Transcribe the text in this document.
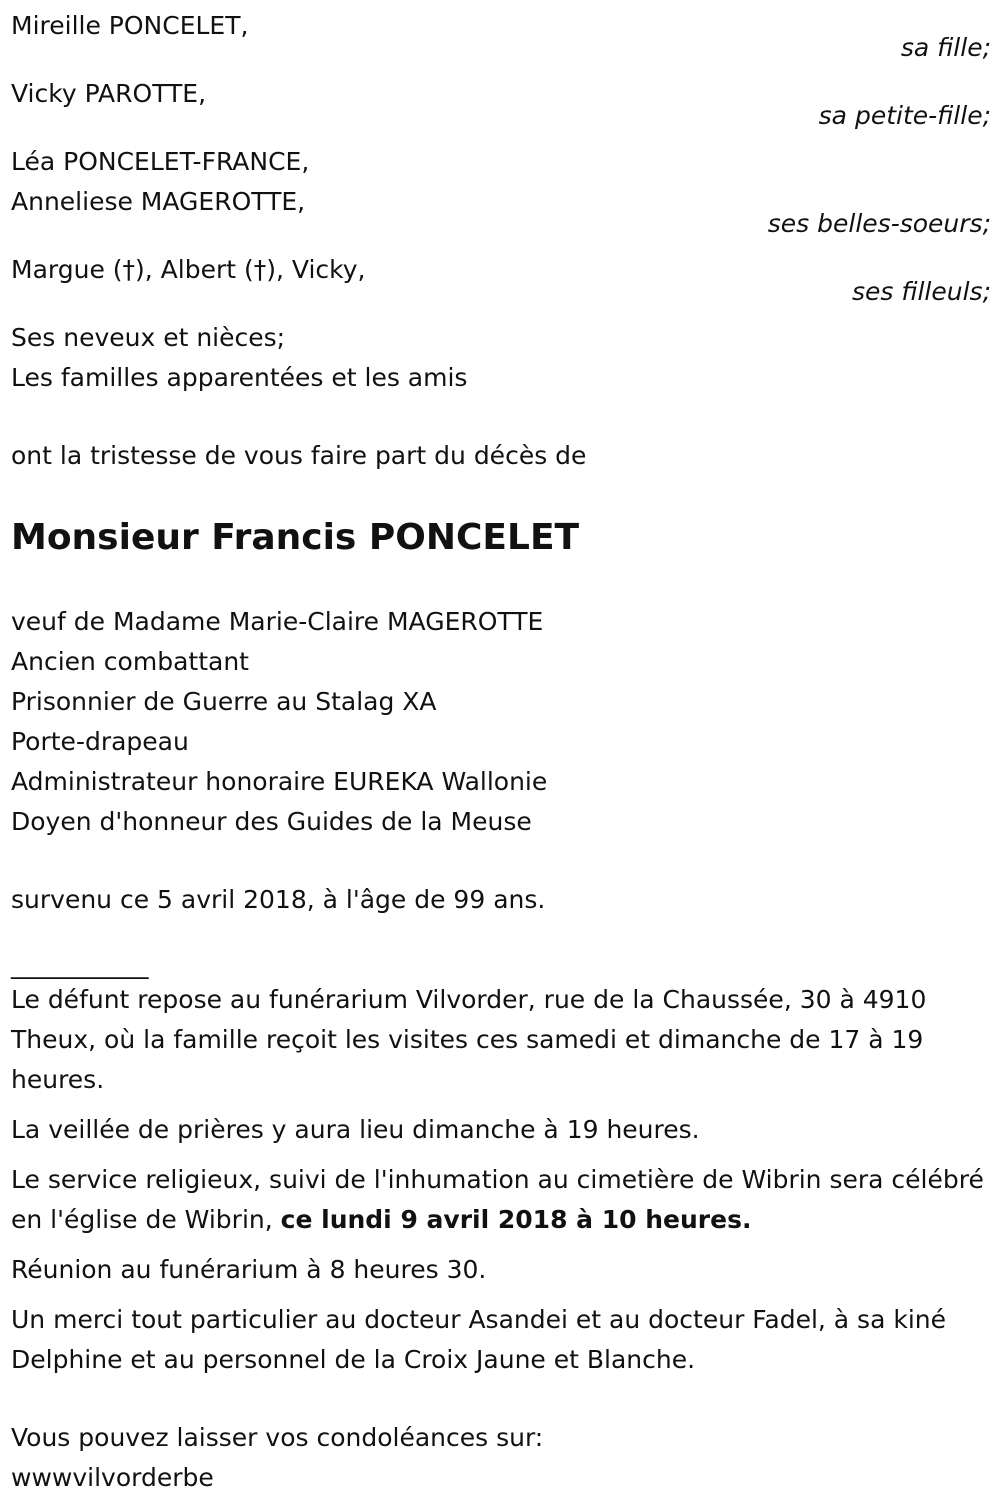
Mireille PONCELET,
sa fille;
Vicky PAROTTE,
sa petite-fille;
Léa PONCELET-FRANCE,
Anneliese MAGEROTTE,
ses belles-soeurs;
Margue (†), Albert (†), Vicky,
ses filleuls;
Ses neveux et nièces;
Les familles apparentées et les amis
ont la tristesse de vous faire part du décès de
Monsieur Francis PONCELET
veuf de Madame Marie-Claire MAGEROTTE
Ancien combattant
Prisonnier de Guerre au Stalag XA
Porte-drapeau
Administrateur honoraire EUREKA Wallonie
Doyen d'honneur des Guides de la Meuse
survenu ce 5 avril 2018, à l'âge de 99 ans.
___________
Le défunt repose au funérarium Vilvorder, rue de la Chaussée, 30 à 4910 Theux, où la famille reçoit les visites ces samedi et dimanche de 17 à 19 heures.
La veillée de prières y aura lieu dimanche à 19 heures.
Le service religieux, suivi de l'inhumation au cimetière de Wibrin sera célébré en l'église de Wibrin, ce lundi 9 avril 2018 à 10 heures.
Réunion au funérarium à 8 heures 30.
Un merci tout particulier au docteur Asandei et au docteur Fadel, à sa kiné Delphine et au personnel de la Croix Jaune et Blanche.
Vous pouvez laisser vos condoléances sur:
wwwvilvorderbe
